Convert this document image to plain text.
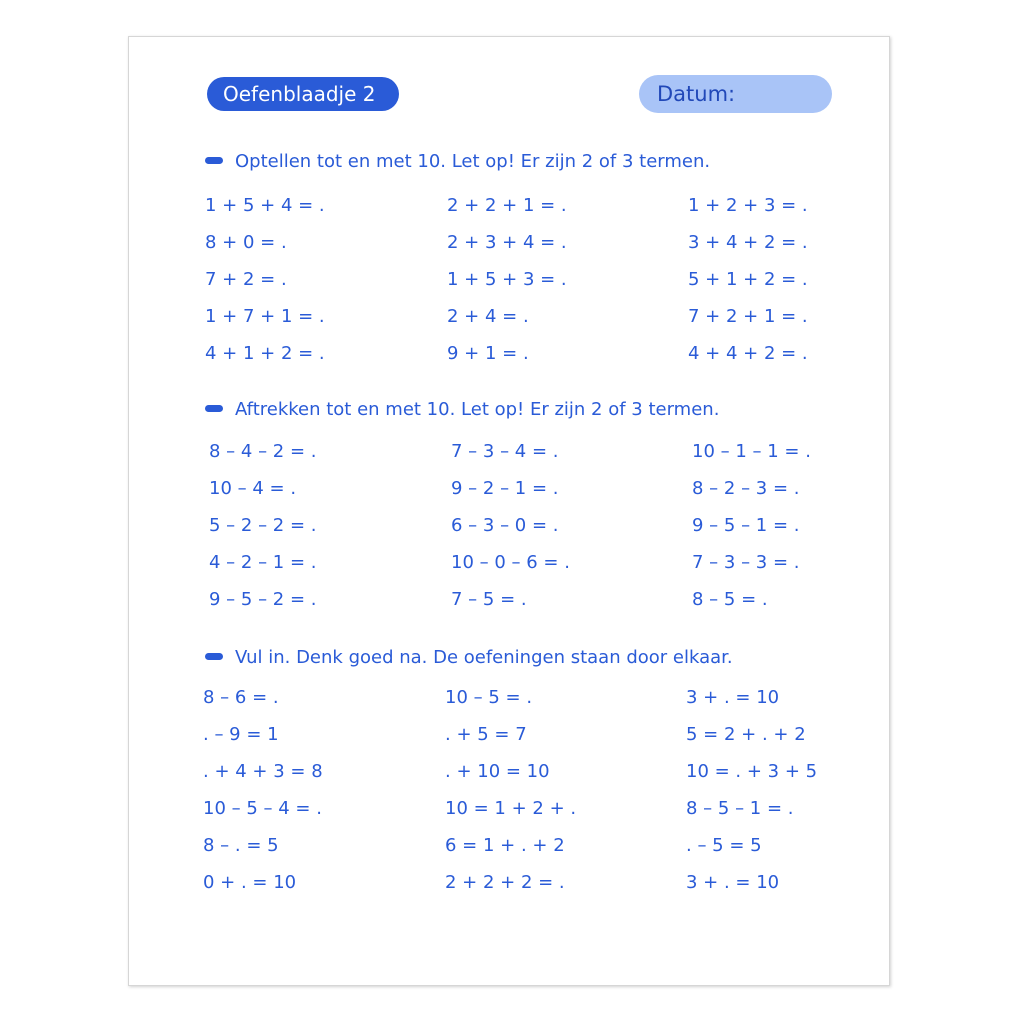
Oefenblaadje 2	Datum:
Optellen tot en met 10. Let op! Er zijn 2 of 3 termen.
1 + 5 + 4 = .
8 + 0 = .
7 + 2 = .
1 + 7 + 1 = .
4 + 1 + 2 = .
2 + 2 + 1 = .
2 + 3 + 4 = .
1 + 5 + 3 = .
2 + 4 = .
9 + 1 = .
1 + 2 + 3 = .
3 + 4 + 2 = .
5 + 1 + 2 = .
7 + 2 + 1 = .
4 + 4 + 2 = .
Aftrekken tot en met 10. Let op! Er zijn 2 of 3 termen.
8 – 4 – 2 = .
10 – 4 = .
5 – 2 – 2 = .
4 – 2 – 1 = .
9 – 5 – 2 = .
7 – 3 – 4 = .
9 – 2 – 1 = .
6 – 3 – 0 = .
10 – 0 – 6 = .
7 – 5 = .
10 – 1 – 1 = .
8 – 2 – 3 = .
9 – 5 – 1 = .
7 – 3 – 3 = .
8 – 5 = .
Vul in. Denk goed na. De oefeningen staan door elkaar.
8 – 6 = .
. – 9 = 1
. + 4 + 3 = 8
10 – 5 – 4 = .
8 – . = 5
0 + . = 10
10 – 5 = .
. + 5 = 7
. + 10 = 10
10 = 1 + 2 + .
6 = 1 + . + 2
2 + 2 + 2 = .
3 + . = 10
5 = 2 + . + 2
10 = . + 3 + 5
8 – 5 – 1 = .
. – 5 = 5
3 + . = 10
